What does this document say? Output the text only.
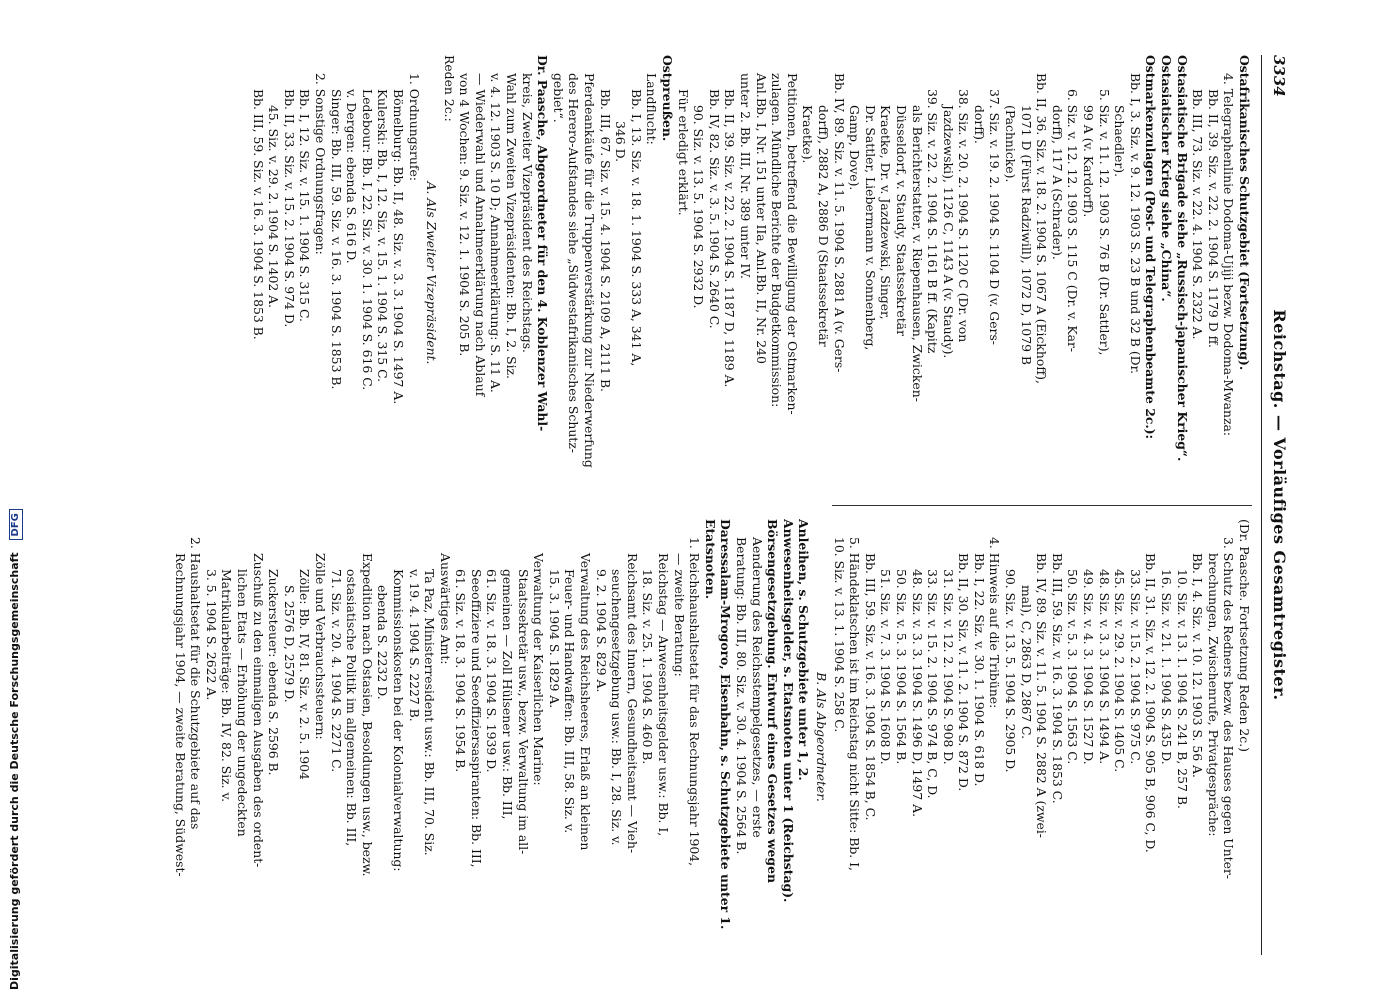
3334
Reichstag. — Vorläufiges Gesamtregister.
Ostafrikanisches Schutzgebiet (Fortsetzung).
4. Telegraphenlinie Dodoma-Ujiji bezw. Dodoma-Mwanza:
Bb. II, 39. Siz. v. 22. 2. 1904 S. 1179 D ff.
Bb. III, 73. Siz. v. 22. 4. 1904 S. 2322 A.
Ostasiatische Brigade siehe „Russisch-japanischer Krieg“.
Ostasiatischer Krieg siehe „China“.
Ostmarkenzulagen (Post- und Telegraphenbeamte 2c.):
Bb. I, 3. Siz. v. 9. 12. 1903 S. 23 B und 32 B (Dr.
Schaedler).
5. Siz. v. 11. 12. 1903 S. 76 B (Dr. Sattler),
99 A (v. Kardorff).
6. Siz. v. 12. 12. 1903 S. 115 C (Dr. v. Kar-
dorff), 117 A (Schrader).
Bb. II, 36. Siz. v. 18. 2. 1904 S. 1067 A (Eickhoff),
1071 D (Fürst Radziwill), 1072 D, 1079 B
(Pachnicke).
37. Siz. v. 19. 2. 1904 S. 1104 D (v. Gers-
dorff).
38. Siz. v. 20. 2. 1904 S. 1120 C (Dr. von
Jazdzewski), 1126 C, 1143 A (v. Staudy).
39. Siz. v. 22. 2. 1904 S. 1161 B ff. (Kapitz
als Berichterstatter, v. Riepenhausen, Zwicken-
Düsseldorf, v. Staudy, Staatssekretär
Kraetke, Dr. v. Jazdzewski, Singer,
Dr. Sattler, Liebermann v. Sonnenberg,
Gamp, Dove).
Bb. IV, 89. Siz. v. 11. 5. 1904 S. 2881 A (v. Gers-
dorff), 2882 A, 2886 D (Staatssekretär
Kraetke).
Petitionen, betreffend die Bewilligung der Ostmarken-
zulagen. Mündliche Berichte der Budgetkommission:
Anl.Bb. I, Nr. 151 unter IIa, Anl.Bb. II, Nr. 240
unter 2. Bb. III, Nr. 389 unter IV.
Bb. II, 39. Siz. v. 22. 2. 1904 S. 1187 D, 1189 A.
Bb. IV, 82. Siz. v. 3. 5. 1904 S. 2640 C.
90. Siz. v. 13. 5. 1904 S. 2932 D.
Für erledigt erklärt.
Ostpreußen.
Landflucht:
Bb. I, 13. Siz. v. 18. 1. 1904 S. 333 A, 341 A,
346 D.
Bb. III, 67. Siz. v. 15. 4. 1904 S. 2109 A, 2111 B.
Pferdeankäufe für die Truppenverstärkung zur Niederwerfung
des Herero-Aufstandes siehe „Südwestafrikanisches Schutz-
gebiet“.
Dr. Paasche, Abgeordneter für den 4. Koblenzer Wahl-
kreis, Zweiter Vizepräsident des Reichstags.
Wahl zum Zweiten Vizepräsidenten: Bb. I, 2. Siz.
v. 4. 12. 1903 S. 10 D; Annahmeerklärung: S. 11 A.
— Wiederwahl und Annahmeerklärung nach Ablauf
von 4 Wochen: 9. Siz. v. 12. 1. 1904 S. 205 B.
Reden 2c.:
A. Als Zweiter Vizepräsident.
1. Ordnungsrufe:
Bömelburg: Bb. II, 48. Siz. v. 3. 3. 1904 S. 1497 A.
Kulerski: Bb. I, 12. Siz. v. 15. 1. 1904 S. 315 C.
Ledebour: Bb. I, 22. Siz. v. 30. 1. 1904 S. 616 C.
v. Dergen: ebenda S. 616 D.
Singer: Bb. III, 59. Siz. v. 16. 3. 1904 S. 1853 B.
2. Sonstige Ordnungsfragen:
Bb. I, 12. Siz. v. 15. 1. 1904 S. 315 C.
Bb. II, 33. Siz. v. 15. 2. 1904 S. 974 D.
45. Siz. v. 29. 2. 1904 S. 1402 A.
Bb. III, 59. Siz. v. 16. 3. 1904 S. 1853 B.
(Dr. Paasche. Fortsetzung Reden 2c.)
3. Schutz des Redners bezw. des Hauses gegen Unter-
brechungen, Zwischenrufe, Privatgespräche:
Bb. I, 4. Siz. v. 10. 12. 1903 S. 56 A.
10. Siz. v. 13. 1. 1904 S. 241 B, 257 B.
16. Siz. v. 21. 1. 1904 S. 435 D.
Bb. II, 31. Siz. v. 12. 2. 1904 S. 905 B, 906 C, D.
33. Siz. v. 15. 2. 1904 S. 975 C.
45. Siz. v. 29. 2. 1904 S. 1405 C.
48. Siz. v. 3. 3. 1904 S. 1494 A.
49. Siz. v. 4. 3. 1904 S. 1527 D.
50. Siz. v. 5. 3. 1904 S. 1563 C.
Bb. III, 59. Siz. v. 16. 3. 1904 S. 1853 C.
Bb. IV, 89. Siz. v. 11. 5. 1904 S. 2882 A (zwei-
mal), C, 2863 D, 2867 C.
90. Siz. v. 13. 5. 1904 S. 2905 D.
4. Hinweis auf die Tribüne:
Bb. I, 22. Siz. v. 30. 1. 1904 S. 618 D.
Bb. II, 30. Siz. v. 11. 2. 1904 S. 872 D.
31. Siz. v. 12. 2. 1904 S. 908 D.
33. Siz. v. 15. 2. 1904 S. 974 B, C, D.
48. Siz. v. 3. 3. 1904 S. 1496 D, 1497 A.
50. Siz. v. 5. 3. 1904 S. 1564 B.
51. Siz. v. 7. 3. 1904 S. 1608 D.
Bb. III, 59. Siz. v. 16. 3. 1904 S. 1854 B, C.
5. Händeklatschen ist im Reichstag nicht Sitte: Bb. I,
10. Siz. v. 13. 1. 1904 S. 258 C.
B. Als Abgeordneter.
Anleihen, s. Schutzgebiete unter 1, 2.
Anwesenheitsgelder, s. Etatsnoten unter 1 (Reichstag).
Börsengesetzgebung. Entwurf eines Gesetzes wegen
Aenderung des Reichsstempelgesetzes, — erste
Beratung: Bb. III, 80. Siz. v. 30. 4. 1904 S. 2564 B.
Daressalam-Mrogoro, Eisenbahn, s. Schutzgebiete unter 1.
Etatsnoten.
1. Reichshaushaltsetat für das Rechnungsjahr 1904,
— zweite Beratung:
Reichstag — Anwesenheitsgelder usw.: Bb. I,
18. Siz. v. 25. 1. 1904 S. 460 B.
Reichsamt des Innern, Gesundheitsamt — Vieh-
seuchengesetzgebung usw.: Bb. I, 28. Siz. v.
9. 2. 1904 S. 829 A.
Verwaltung des Reichsheeres, Erlaß an kleinen
Feuer- und Handwaffen: Bb. III, 58. Siz. v.
15. 3. 1904 S. 1829 A.
Verwaltung der Kaiserlichen Marine:
Staatssekretär usw., bezw. Verwaltung im all-
gemeinen — Zoll Hülsener usw.: Bb. III,
61. Siz. v. 18. 3. 1904 S. 1939 D.
Seeoffiziere und Seeoffiziersaspiranten: Bb. III,
61. Siz. v. 18. 3. 1904 S. 1954 B.
Auswärtiges Amt:
Ta Paz, Ministerresident usw.: Bb. III, 70. Siz.
v. 19. 4. 1904 S. 2227 B.
Kommissionskosten bei der Kolonialverwaltung:
ebenda S. 2232 D.
Expedition nach Ostasien, Besoldungen usw., bezw.
ostasiatische Politik im allgemeinen: Bb. III,
71. Siz. v. 20. 4. 1904 S. 2271 C.
Zölle und Verbrauchssteuern:
Zölle: Bb. IV, 81. Siz. v. 2. 5. 1904
S. 2576 D, 2579 D.
Zuckersteuer: ebenda S. 2596 B.
Zuschuß zu den einmaligen Ausgaben des ordent-
lichen Etats — Erhöhung der ungedeckten
Matrikularbeiträge: Bb. IV, 82. Siz. v.
3. 5. 1904 S. 2622 A.
2. Haushaltsetat für die Schutzgebiete auf das
Rechnungsjahr 1904, — zweite Beratung, Südwest-
Digitalisierung gefördert durch die Deutsche Forschungsgemeinschaft DFG
